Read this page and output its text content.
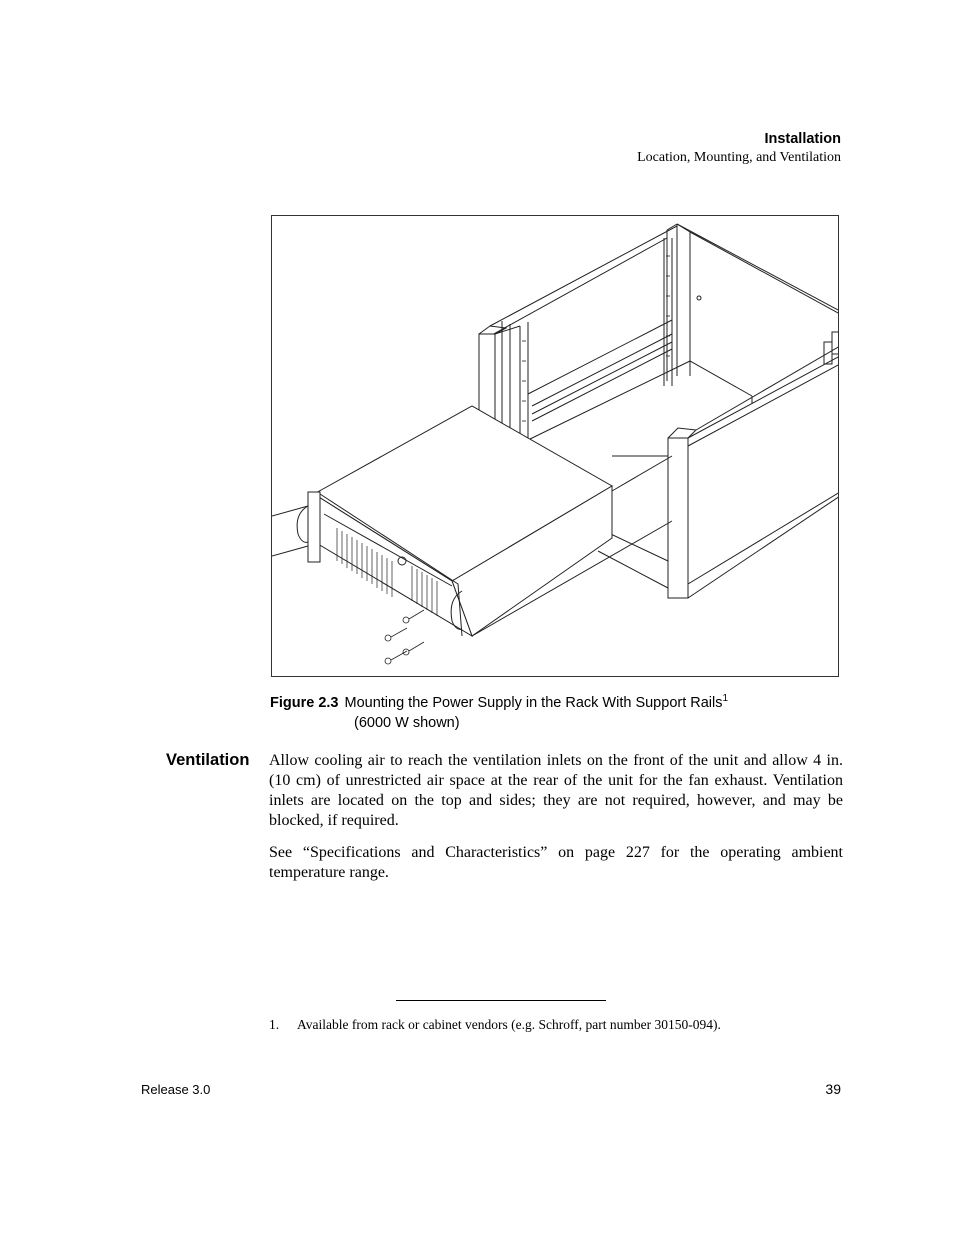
Installation
Location, Mounting, and Ventilation
Figure 2.3 Mounting the Power Supply in the Rack With Support Rails$^1$
(6000 W shown)
Ventilation Allow cooling air to reach the ventilation inlets on the front of the unit and allow 4 in. (10 cm) of unrestricted air space at the rear of the unit for the fan exhaust. Ventilation inlets are located on the top and sides; they are not required, however, and may be blocked, if required.
See “Specifications and Characteristics” on page 227 for the operating ambient temperature range.
1. Available from rack or cabinet vendors (e.g. Schroff, part number 30150-094).
Release 3.0	39
